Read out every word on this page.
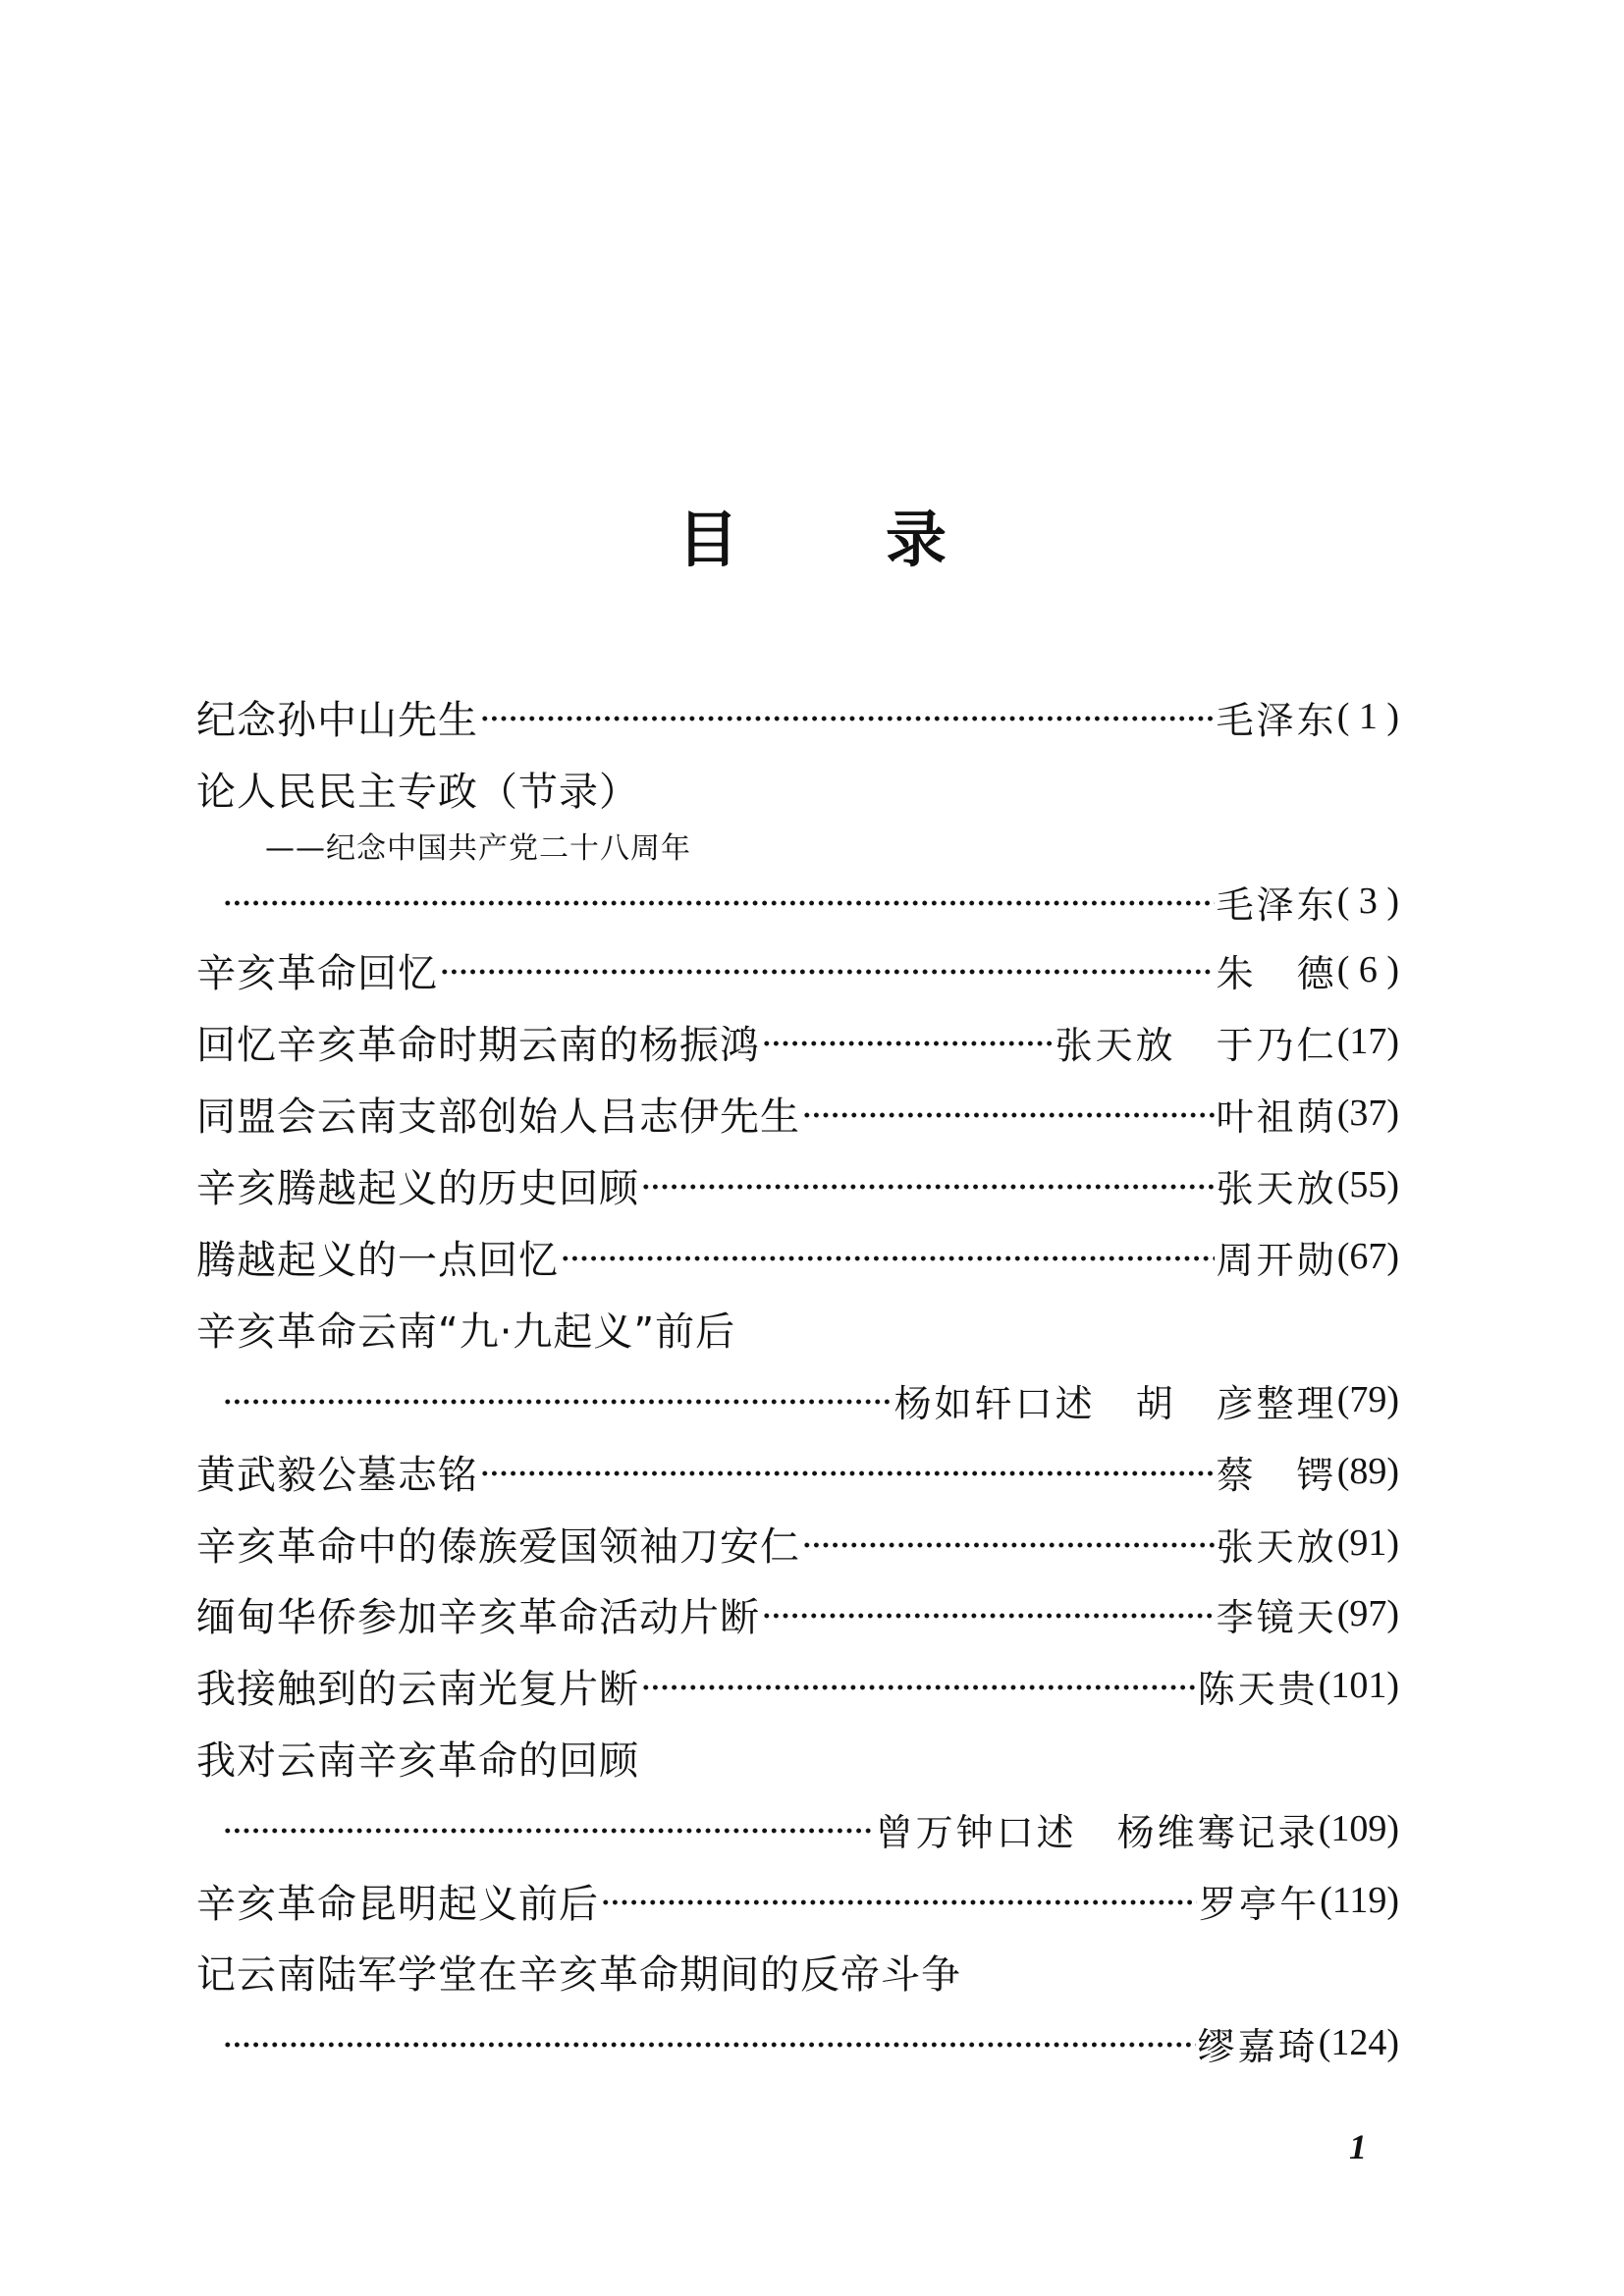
目 录
纪念孙中山先生	毛泽东 ( 1 )
论人民民主专政（节录）
——纪念中国共产党二十八周年
毛泽东 ( 3 )
辛亥革命回忆	朱　德 ( 6 )
回忆辛亥革命时期云南的杨振鸿	张天放　于乃仁 (17)
同盟会云南支部创始人吕志伊先生	叶祖荫 (37)
辛亥腾越起义的历史回顾	张天放 (55)
腾越起义的一点回忆	周开勋 (67)
辛亥革命云南“九·九起义”前后
杨如轩口述　胡　彦整理 (79)
黄武毅公墓志铭	蔡　锷 (89)
辛亥革命中的傣族爱国领袖刀安仁	张天放 (91)
缅甸华侨参加辛亥革命活动片断	李镜天 (97)
我接触到的云南光复片断	陈天贵 (101)
我对云南辛亥革命的回顾
曾万钟口述　杨维骞记录 (109)
辛亥革命昆明起义前后	罗亭午 (119)
记云南陆军学堂在辛亥革命期间的反帝斗争
缪嘉琦 (124)
1
